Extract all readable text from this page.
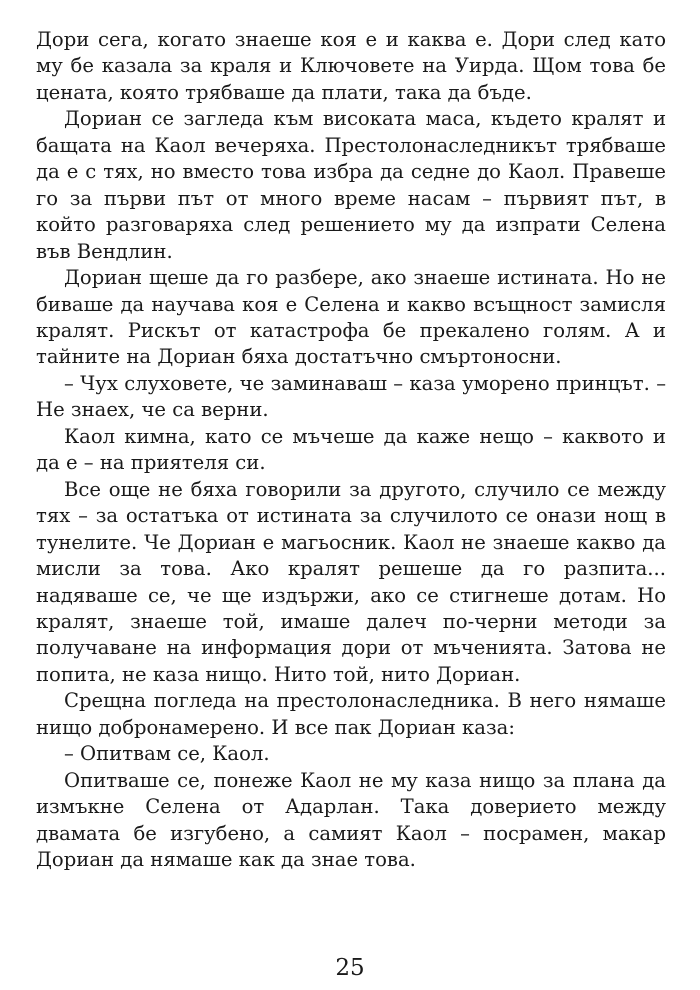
Дори сега, когато знаеше коя е и каква е. Дори след като му бе казала за краля и Ключовете на Уирда. Щом това бе цената, която трябваше да плати, така да бъде.

Дориан се загледа към високата маса, където кралят и бащата на Каол вечеряха. Престолонаследникът трябваше да е с тях, но вместо това избра да седне до Каол. Правеше го за първи път от много време насам – първият път, в който разговаряха след решението му да изпрати Селена във Вендлин.

Дориан щеше да го разбере, ако знаеше истината. Но не биваше да научава коя е Селена и какво всъщност замисля кралят. Рискът от катастрофа бе прекалено голям. А и тайните на Дориан бяха достатъчно смъртоносни.

– Чух слуховете, че заминаваш – каза уморено принцът. – Не знаех, че са верни.

Каол кимна, като се мъчеше да каже нещо – каквото и да е – на приятеля си.

Все още не бяха говорили за другото, случило се между тях – за остатъка от истината за случилото се онази нощ в тунелите. Че Дориан е магьосник. Каол не знаеше какво да мисли за това. Ако кралят решеше да го разпита... надяваше се, че ще издържи, ако се стигнеше дотам. Но кралят, знаеше той, имаше далеч по-черни методи за получаване на информация дори от мъченията. Затова не попита, не каза нищо. Нито той, нито Дориан.

Срещна погледа на престолонаследника. В него нямаше нищо добронамерено. И все пак Дориан каза:

– Опитвам се, Каол.

Опитваше се, понеже Каол не му каза нищо за плана да измъкне Селена от Адарлан. Така доверието между двамата бе изгубено, а самият Каол – посрамен, макар Дориан да нямаше как да знае това.

25
